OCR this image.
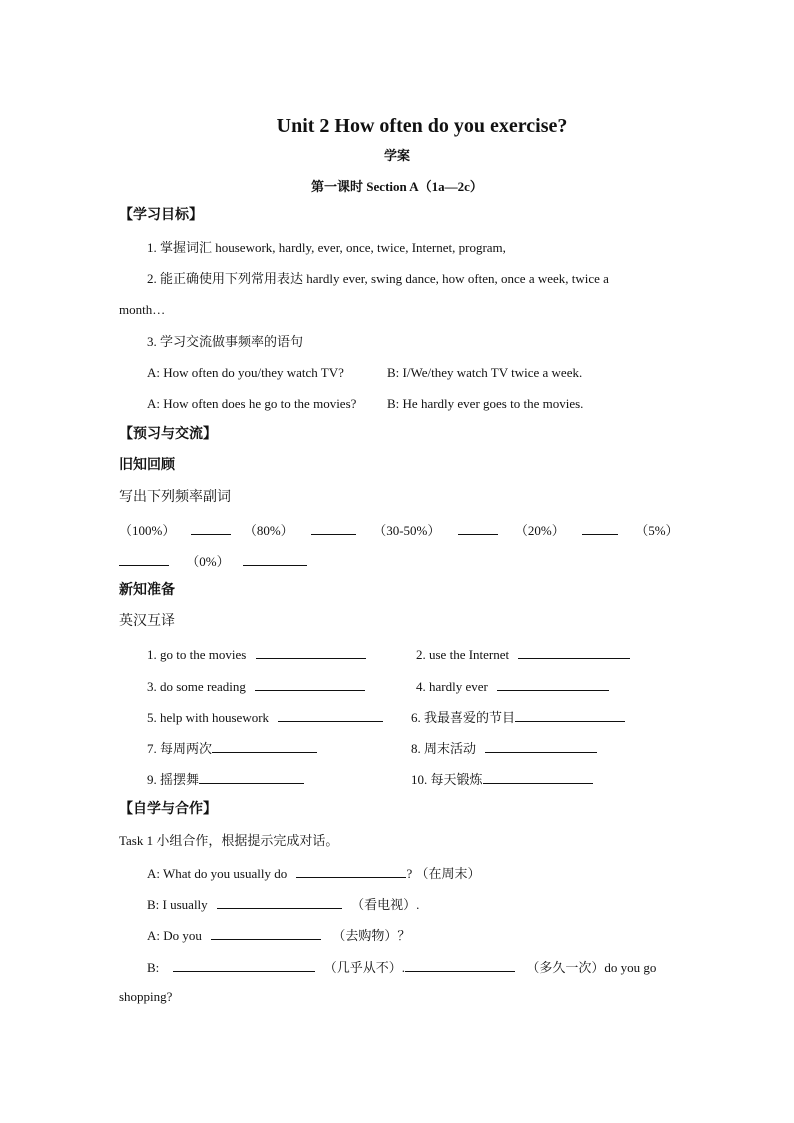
Unit 2 How often do you exercise?
学案
第一课时 Section A（1a—2c）
【学习目标】
1. 掌握词汇 housework, hardly, ever, once, twice, Internet, program,
2. 能正确使用下列常用表达 hardly ever, swing dance, how often, once a week, twice a
month…
3. 学习交流做事频率的语句
A: How often do you/they watch TV?	B: I/We/they watch TV twice a week.
A: How often does he go to the movies? B: He hardly ever goes to the movies.
【预习与交流】
旧知回顾
写出下列频率副词
（100%）	（80%）	（30-50%）	（20%）	（5%）
（0%）
新知准备
英汉互译
1. go to the movies	2. use the Internet
3. do some reading	4. hardly ever
5. help with housework	6. 我最喜爱的节目
7. 每周两次	8. 周末活动
9. 摇摆舞	10. 每天锻炼
【自学与合作】
Task 1 小组合作，根据提示完成对话。
A: What do you usually do	? （在周末）
B: I usually	（看电视）.
A: Do you	（去购物）？
B:	（几乎从不）.	（多久一次）do you go
shopping?
